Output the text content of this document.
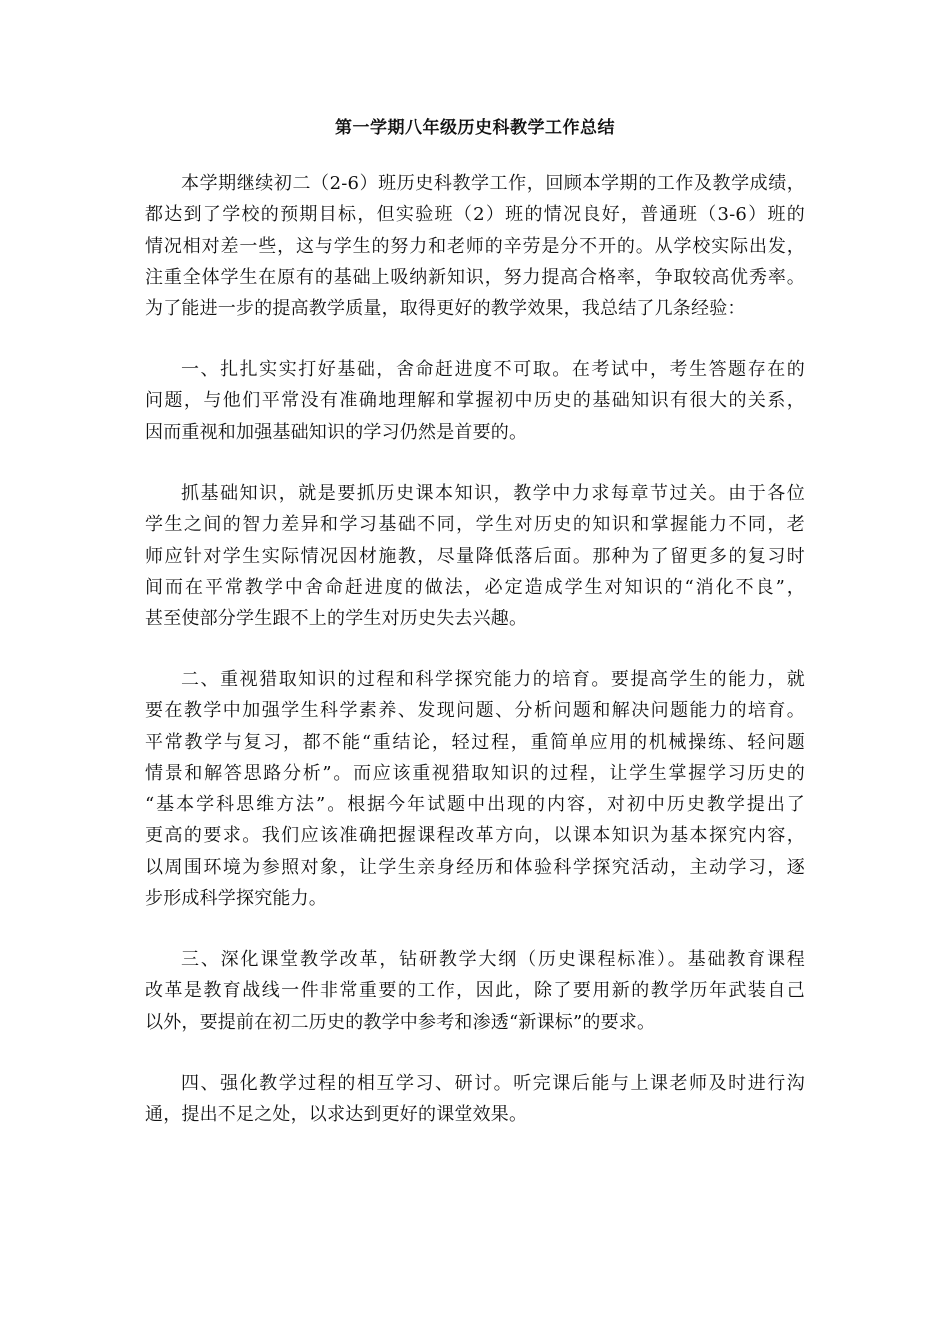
第一学期八年级历史科教学工作总结
本学期继续初二（2-6）班历史科教学工作，回顾本学期的工作及教学成绩，
都达到了学校的预期目标，但实验班（2）班的情况良好，普通班（3-6）班的
情况相对差一些，这与学生的努力和老师的辛劳是分不开的。从学校实际出发，
注重全体学生在原有的基础上吸纳新知识，努力提高合格率，争取较高优秀率。
为了能进一步的提高教学质量，取得更好的教学效果，我总结了几条经验：
一、扎扎实实打好基础，舍命赶进度不可取。在考试中，考生答题存在的
问题，与他们平常没有准确地理解和掌握初中历史的基础知识有很大的关系，
因而重视和加强基础知识的学习仍然是首要的。
抓基础知识，就是要抓历史课本知识，教学中力求每章节过关。由于各位
学生之间的智力差异和学习基础不同，学生对历史的知识和掌握能力不同，老
师应针对学生实际情况因材施教，尽量降低落后面。那种为了留更多的复习时
间而在平常教学中舍命赶进度的做法，必定造成学生对知识的“消化不良”，
甚至使部分学生跟不上的学生对历史失去兴趣。
二、重视猎取知识的过程和科学探究能力的培育。要提高学生的能力，就
要在教学中加强学生科学素养、发现问题、分析问题和解决问题能力的培育。
平常教学与复习，都不能“重结论，轻过程，重简单应用的机械操练、轻问题
情景和解答思路分析”。而应该重视猎取知识的过程，让学生掌握学习历史的
“基本学科思维方法”。根据今年试题中出现的内容，对初中历史教学提出了
更高的要求。我们应该准确把握课程改革方向，以课本知识为基本探究内容，
以周围环境为参照对象，让学生亲身经历和体验科学探究活动，主动学习，逐
步形成科学探究能力。
三、深化课堂教学改革，钻研教学大纲（历史课程标准）。基础教育课程
改革是教育战线一件非常重要的工作，因此，除了要用新的教学历年武装自己
以外，要提前在初二历史的教学中参考和渗透“新课标”的要求。
四、强化教学过程的相互学习、研讨。听完课后能与上课老师及时进行沟
通，提出不足之处，以求达到更好的课堂效果。
